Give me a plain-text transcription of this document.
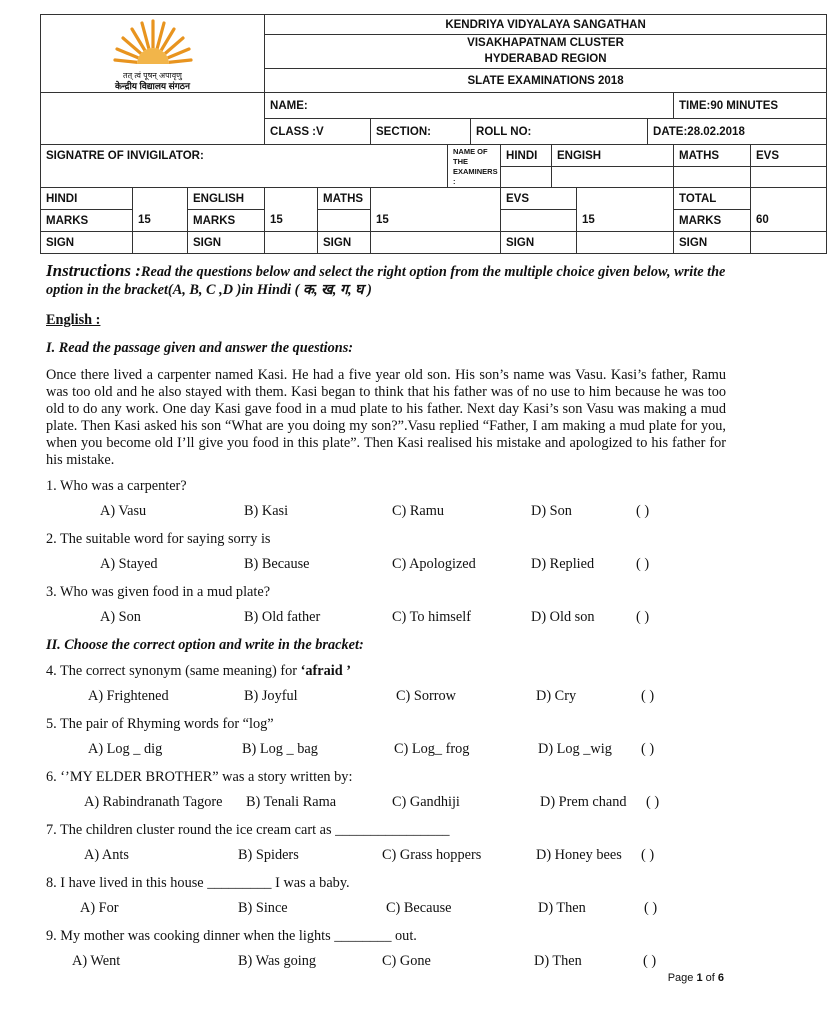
तत् त्वं पूषन् अपावृणु
केन्द्रीय विद्यालय संगठन			KENDRIYA VIDYALAYA SANGATHAN										
			VISAKHAPATNAM CLUSTER										
			HYDERABAD REGION										
			SLATE EXAMINATIONS 2018										
			NAME:									TIME:90 MINUTES	
			CLASS :V		SECTION:		ROLL NO:				DATE:28.02.2018		
SIGNATRE OF INVIGILATOR:						NAME OF THE EXAMINERS :		HINDI	ENGISH			MATHS	EVS

HINDI		ENGLISH		MATHS				EVS				TOTAL	
MARKS	15	MARKS	15		15					15		MARKS	60
SIGN		SIGN		SIGN				SIGN				SIGN	

Instructions :Read the questions below and select the right option from the multiple choice given below, write the option in the bracket(A, B, C ,D )in Hindi ( क, ख, ग, घ )

English :

I. Read the passage given and answer the questions:

Once there lived a carpenter named Kasi. He had a five year old son. His son’s name was Vasu. Kasi’s father, Ramu was too old and he also stayed with them. Kasi began to think that his father was of no use to him because he was too old to do any work. One day Kasi gave food in a mud plate to his father. Next day Kasi’s son Vasu was making a mud plate. Then Kasi asked his son “What are you doing my son?”.Vasu replied “Father, I am making a mud plate for you, when you become old I’ll give you food in this plate”. Then Kasi realised his mistake and apologized to his father for his mistake.

1. Who was a carpenter?

A) Vasu	B) Kasi	C) Ramu	D) Son	( )

2. The suitable word for saying sorry is

A) Stayed	B) Because	C) Apologized	D) Replied	( )

3. Who was given food in a mud plate?

A) Son	B) Old father	C) To himself	D) Old son	( )

II. Choose the correct option and write in the bracket:

4. The correct synonym (same meaning) for ‘afraid ’

A) Frightened	B) Joyful	C) Sorrow	D) Cry	( )

5. The pair of Rhyming words for “log”

A) Log _ dig	B) Log _ bag	C) Log_ frog	D) Log _wig ( )

6. ‘’MY ELDER BROTHER” was a story written by:

A) Rabindranath Tagore B) Tenali Rama	C) Gandhiji	D) Prem chand ( )

7. The children cluster round the ice cream cart as ________________

A) Ants	B) Spiders	C) Grass hoppers	D) Honey bees ( )

8. I have lived in this house _________ I was a baby.

A) For	B) Since	C) Because	D) Then	( )

9. My mother was cooking dinner when the lights ________ out.

A) Went	B) Was going	C) Gone	D) Then	( )
Page 1 of 6
